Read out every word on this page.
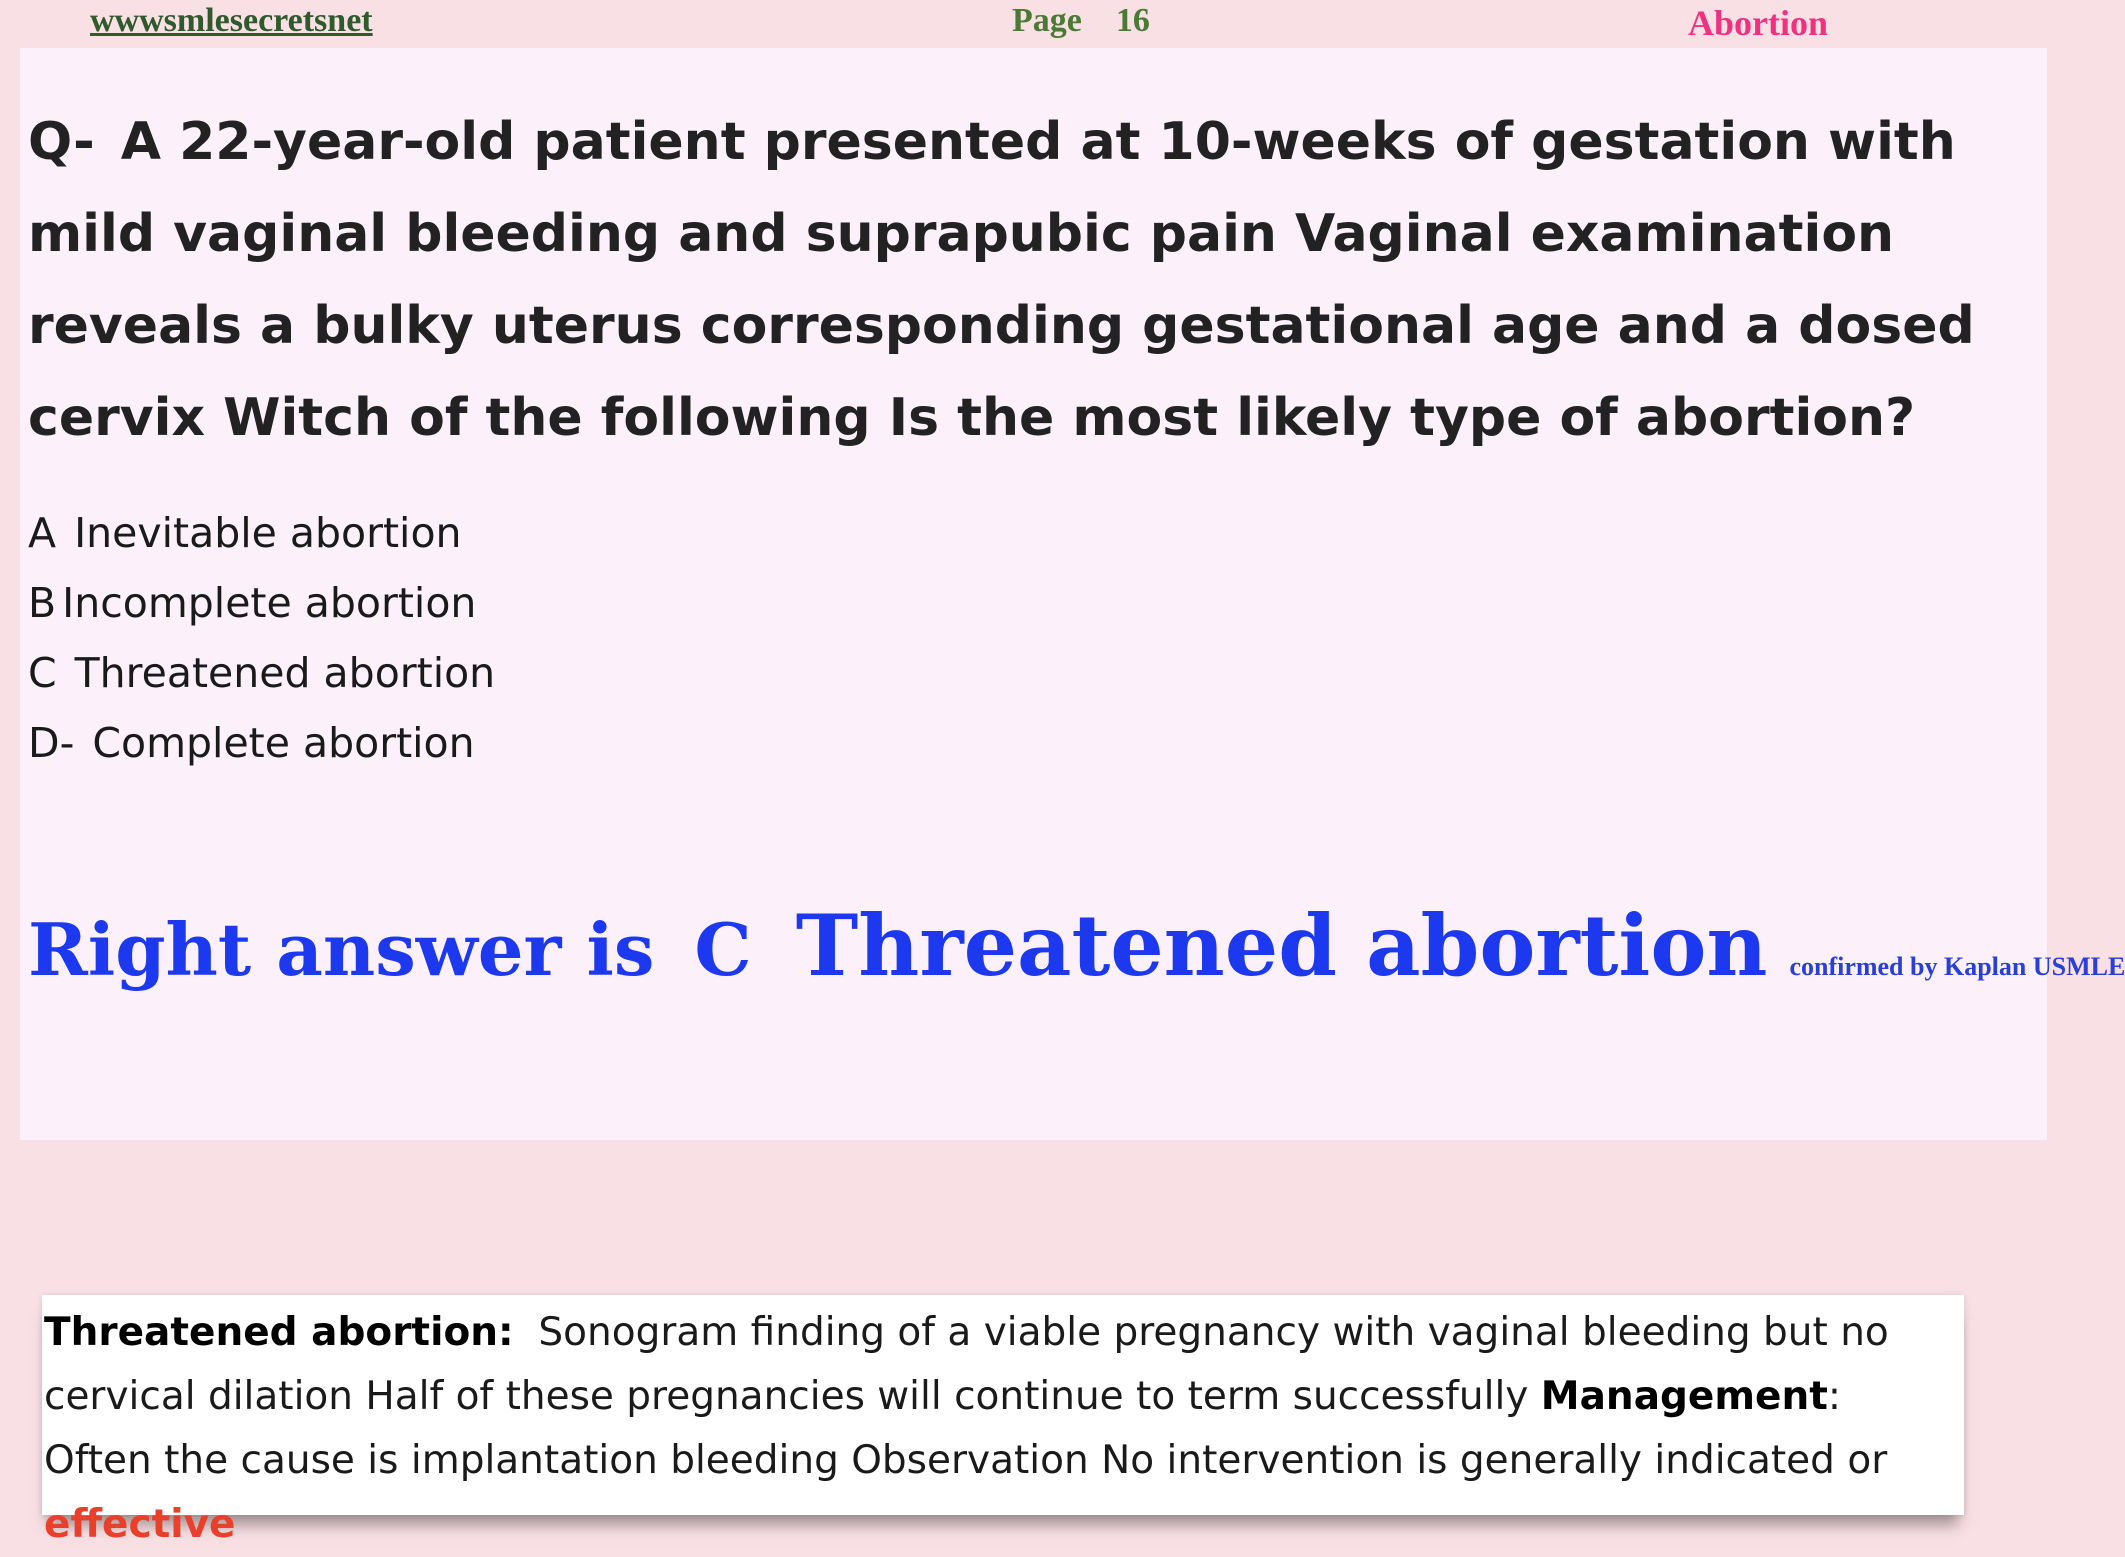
wwwsmlesecretsnet	Page 16	Abortion

Q- A 22-year-old patient presented at 10-weeks of gestation with mild vaginal bleeding and suprapubic pain Vaginal examination reveals a bulky uterus corresponding gestational age and a dosed cervix Witch of the following Is the most likely type of abortion?

A Inevitable abortion
B Incomplete abortion
C Threatened abortion
D- Complete abortion
Right answer is C Threatened abortion confirmed by Kaplan USMLE

Threatened abortion: Sonogram finding of a viable pregnancy with vaginal bleeding but no cervical dilation Half of these pregnancies will continue to term successfully Management: Often the cause is implantation bleeding Observation No intervention is generally indicated or effective
